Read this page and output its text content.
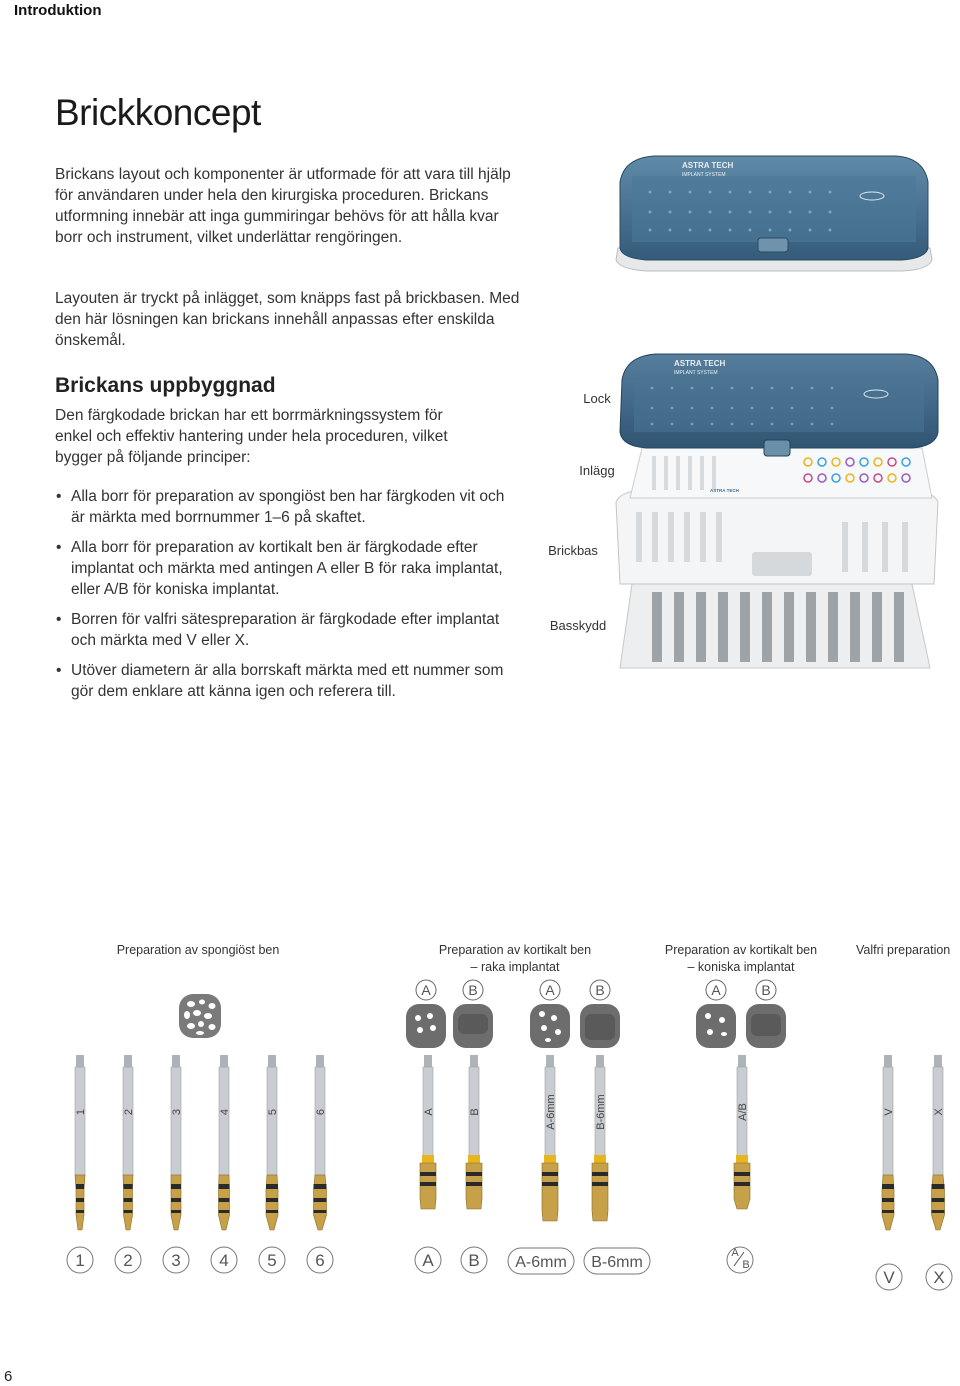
Introduktion
Brickkoncept
Brickans layout och komponenter är utformade för att vara till hjälp för användaren under hela den kirurgiska proceduren. Brickans utformning innebär att inga gummiringar behövs för att hålla kvar borr och instrument, vilket underlättar rengöringen.
Layouten är tryckt på inlägget, som knäpps fast på brickbasen. Med den här lösningen kan brickans innehåll anpassas efter enskilda önskemål.
Brickans uppbyggnad
Den färgkodade brickan har ett borrmärkningssystem för enkel och effektiv hantering under hela proceduren, vilket bygger på följande principer:
• Alla borr för preparation av spongiöst ben har färgkoden vit och är märkta med borrnummer 1–6 på skaftet.
• Alla borr för preparation av kortikalt ben är färgkodade efter implantat och märkta med antingen A eller B för raka implantat, eller A/B för koniska implantat.
• Borren för valfri sätespreparation är färgkodade efter implantat och märkta med V eller X.
• Utöver diametern är alla borrskaft märkta med ett nummer som gör dem enklare att känna igen och referera till.
ASTRA TECH
IMPLANT SYSTEM
ASTRA TECH
ASTRA TECH
IMPLANT SYSTEM
Lock
Inlägg
Brickbas
Basskydd
Preparation av spongiöst ben	Preparation av kortikalt ben
– raka implantat
Preparation av kortikalt ben
– koniska implantat
Valfri preparation
A	B	A	B	A	B
1	2	3	4	5	6	A	B	A-6mm	B-6mm	A/B	V	X
1 2 3 4 5 6	A B A-6mm B-6mm
A
B
V X
6
